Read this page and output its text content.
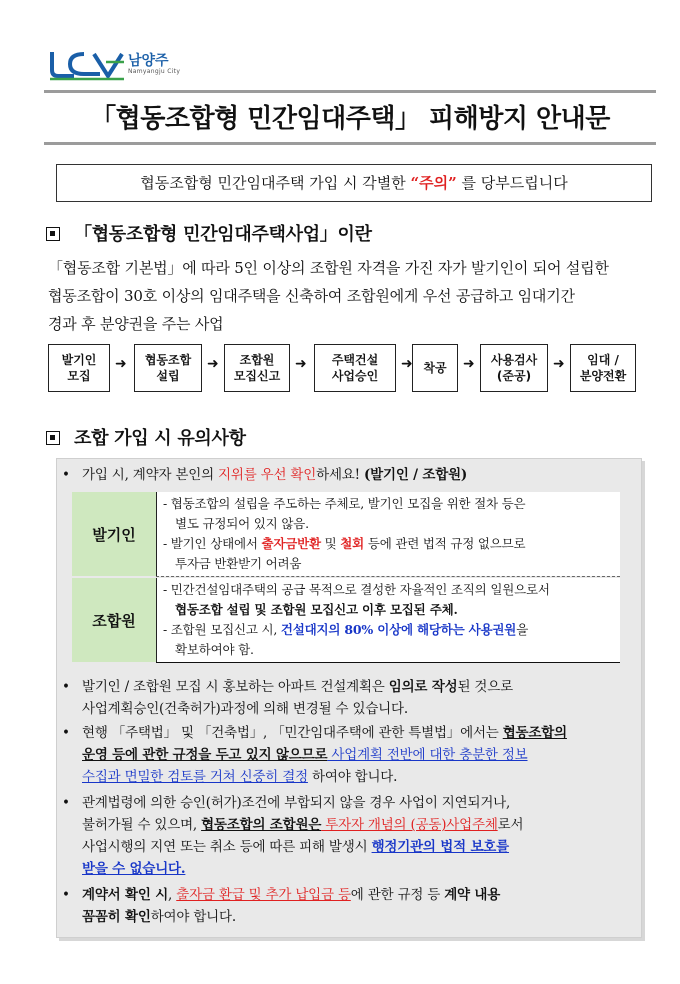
남양주
Namyangju City
「협동조합형 민간임대주택」 피해방지 안내문
협동조합형 민간임대주택 가입 시 각별한 “주의” 를 당부드립니다
「협동조합형 민간임대주택사업」이란
「협동조합 기본법」에 따라 5인 이상의 조합원 자격을 가진 자가 발기인이 되어 설립한
협동조합이 30호 이상의 임대주택을 신축하여 조합원에게 우선 공급하고 임대기간
경과 후 분양권을 주는 사업
발기인
모집
➜ 협동조합
설립
➜	조합원
모집신고
➜ 주택건설
사업승인
➜ 착공 ➜ 사용검사
(준공)
➜	임대 /
분양전환
조합 가입 시 유의사항
• 가입 시, 계약자 본인의 지위를 우선 확인하세요! (발기인 / 조합원)
발기인
- 협동조합의 설립을 주도하는 주체로, 발기인 모집을 위한 절차 등은
별도 규정되어 있지 않음.
- 발기인 상태에서 출자금반환 및 철회 등에 관련 법적 규정 없으므로
투자금 반환받기 어려움
조합원
- 민간건설임대주택의 공급 목적으로 결성한 자율적인 조직의 일원으로서
협동조합 설립 및 조합원 모집신고 이후 모집된 주체.
- 조합원 모집신고 시, 건설대지의 80% 이상에 해당하는 사용권원을
확보하여야 함.
• 발기인 / 조합원 모집 시 홍보하는 아파트 건설계획은 임의로 작성된 것으로
사업계획승인(건축허가)과정에 의해 변경될 수 있습니다.
• 현행 「주택법」 및 「건축법」, 「민간임대주택에 관한 특별법」에서는 협동조합의
운영 등에 관한 규정을 두고 있지 않으므로 사업계획 전반에 대한 충분한 정보
수집과 면밀한 검토를 거쳐 신중히 결정 하여야 합니다.
• 관계법령에 의한 승인(허가)조건에 부합되지 않을 경우 사업이 지연되거나,
불허가될 수 있으며, 협동조합의 조합원은 투자자 개념의 (공동)사업주체로서
사업시행의 지연 또는 취소 등에 따른 피해 발생시 행정기관의 법적 보호를
받을 수 없습니다.
• 계약서 확인 시, 출자금 환급 및 추가 납입금 등에 관한 규정 등 계약 내용
꼼꼼히 확인하여야 합니다.
